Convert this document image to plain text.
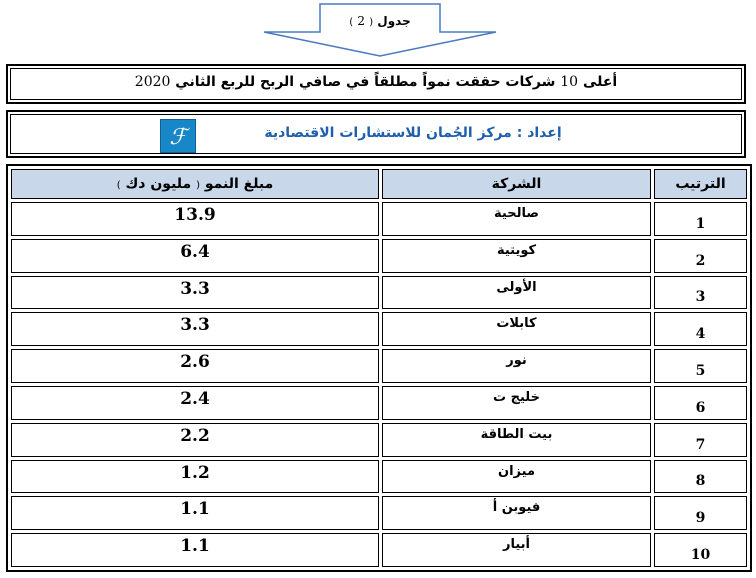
جدول ( 2 )
أعلى 10 شركات حققت نمواً مطلقاً في صافي الربح للربع الثاني 2020
ℱ	إعداد : مركز الجُمان للاستشارات الاقتصادية
مبلغ النمو ( مليون دك )	الشركة	الترتيب
13.9	صالحية	1
6.4	كويتية	2
3.3	الأولى	3
3.3	كابلات	4
2.6	نور	5
2.4	خليج ت	6
2.2	بيت الطاقة	7
1.2	ميزان	8
1.1	فيوبن أ	9
1.1	أبيار	10
